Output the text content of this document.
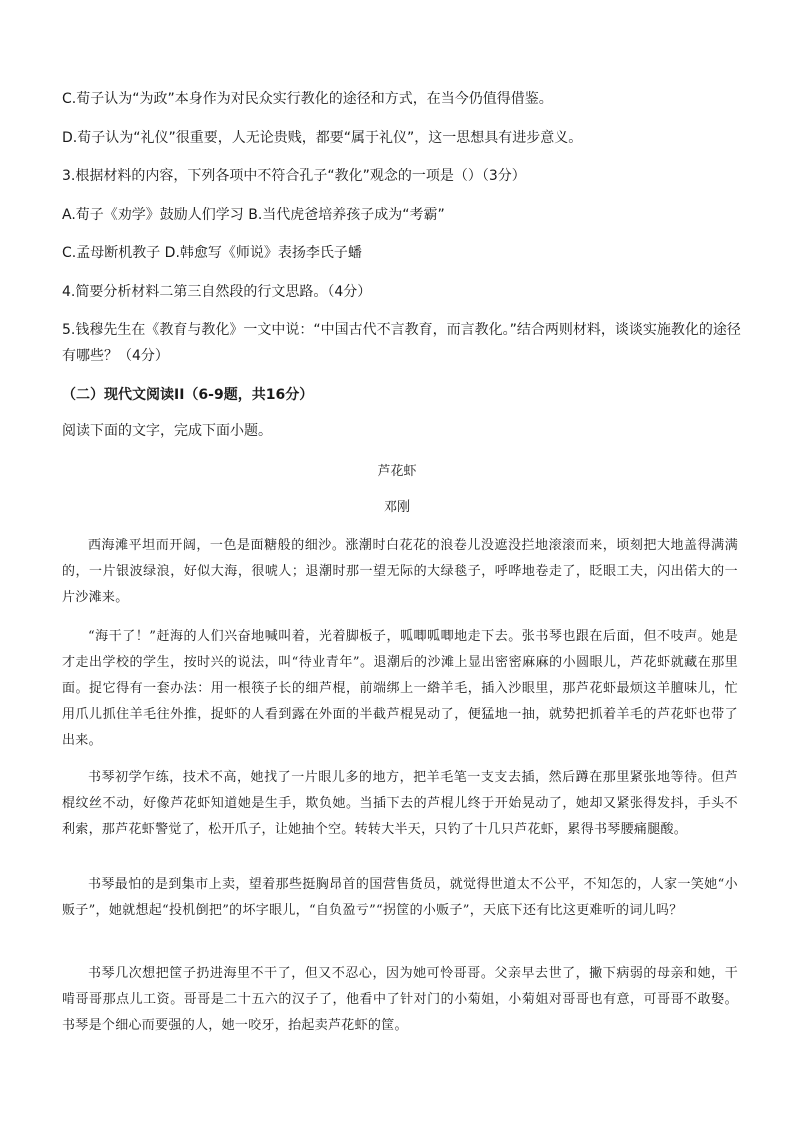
C.荀子认为“为政”本身作为对民众实行教化的途径和方式，在当今仍值得借鉴。
D.荀子认为“礼仪”很重要，人无论贵贱，都要“属于礼仪”，这一思想具有进步意义。
3.根据材料的内容，下列各项中不符合孔子“教化”观念的一项是（）（3分）
A.荀子《劝学》鼓励人们学习 B.当代虎爸培养孩子成为“考霸”
C.孟母断机教子 D.韩愈写《师说》表扬李氏子蟠
4.简要分析材料二第三自然段的行文思路。（4分）
5.钱穆先生在《教育与教化》一文中说：“中国古代不言教育，而言教化。”结合两则材料，谈谈实施教化的途径有哪些？（4分）
（二）现代文阅读II（6-9题，共16分）
阅读下面的文字，完成下面小题。
芦花虾
邓刚
西海滩平坦而开阔，一色是面糖般的细沙。涨潮时白花花的浪卷儿没遮没拦地滚滚而来，顷刻把大地盖得满满的，一片银波绿浪，好似大海，很唬人；退潮时那一望无际的大绿毯子，呼哗地卷走了，眨眼工夫，闪出偌大的一片沙滩来。
“海干了！”赶海的人们兴奋地喊叫着，光着脚板子，呱唧呱唧地走下去。张书琴也跟在后面，但不吱声。她是才走出学校的学生，按时兴的说法，叫“待业青年”。退潮后的沙滩上显出密密麻麻的小圆眼儿，芦花虾就藏在那里面。捉它得有一套办法：用一根筷子长的细芦棍，前端绑上一綹羊毛，插入沙眼里，那芦花虾最烦这羊膻味儿，忙用爪儿抓住羊毛往外推，捉虾的人看到露在外面的半截芦棍晃动了，便猛地一抽，就势把抓着羊毛的芦花虾也带了出来。
书琴初学乍练，技术不高，她找了一片眼儿多的地方，把羊毛笔一支支去插，然后蹲在那里紧张地等待。但芦棍纹丝不动，好像芦花虾知道她是生手，欺负她。当插下去的芦棍儿终于开始晃动了，她却又紧张得发抖，手头不利索，那芦花虾警觉了，松开爪子，让她抽个空。转转大半天，只钓了十几只芦花虾，累得书琴腰痛腿酸。
书琴最怕的是到集市上卖，望着那些挺胸昂首的国营售货员，就觉得世道太不公平，不知怎的，人家一笑她“小贩子”，她就想起“投机倒把”的坏字眼儿，“自负盈亏”“拐筐的小贩子”，天底下还有比这更难听的词儿吗？
书琴几次想把筐子扔进海里不干了，但又不忍心，因为她可怜哥哥。父亲早去世了，撇下病弱的母亲和她，干啃哥哥那点儿工资。哥哥是二十五六的汉子了，他看中了针对门的小菊姐，小菊姐对哥哥也有意，可哥哥不敢娶。书琴是个细心而要强的人，她一咬牙，抬起卖芦花虾的筐。
